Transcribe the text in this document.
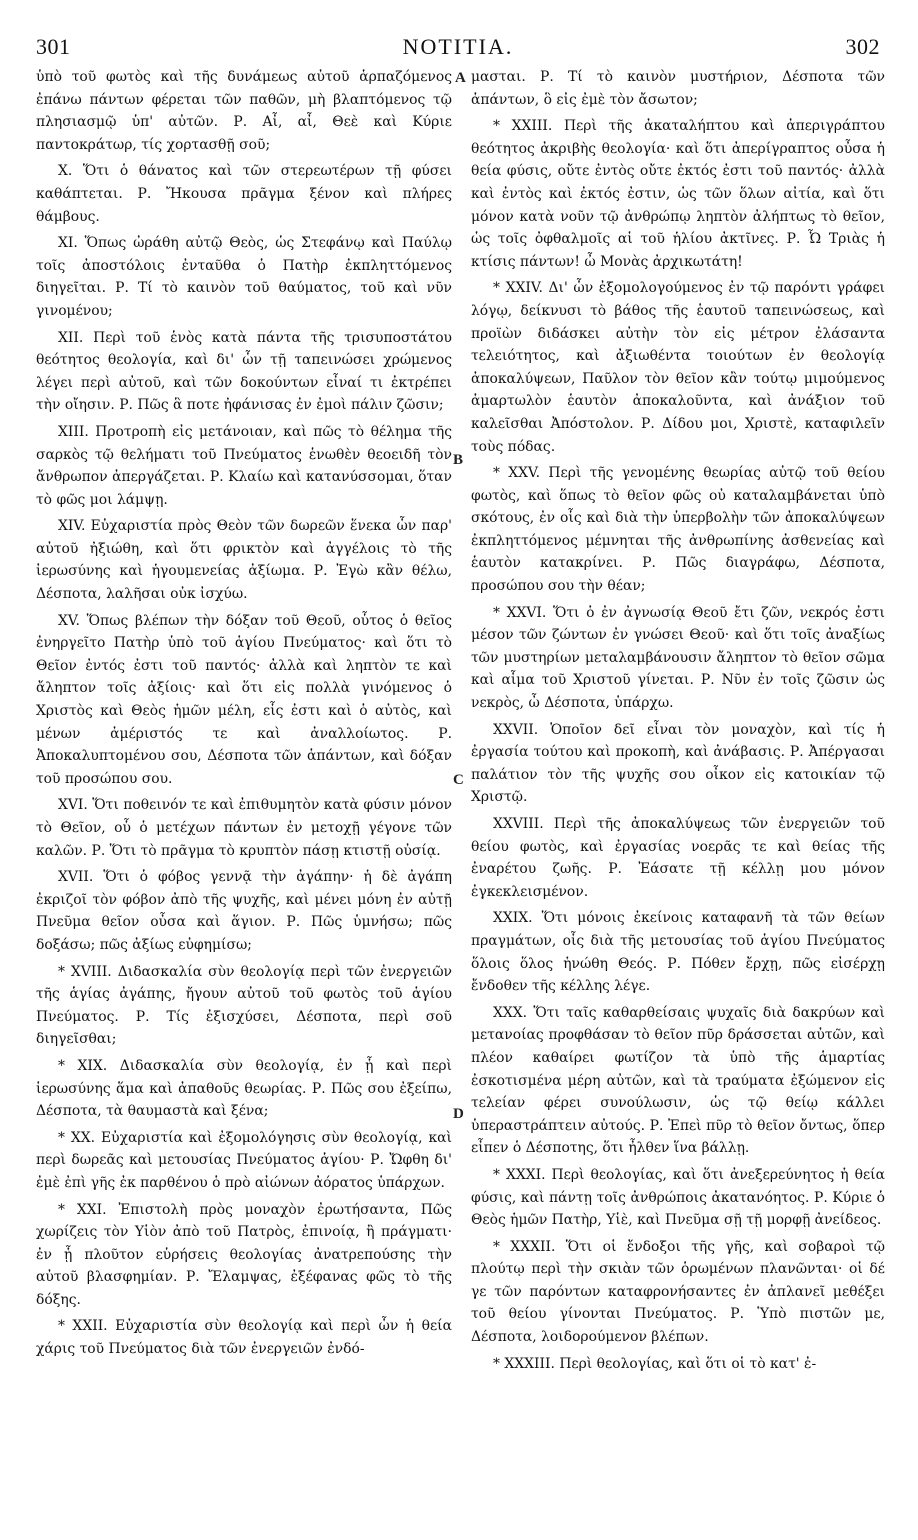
301	NOTITIA.	302

ὑπὸ τοῦ φωτὸς καὶ τῆς δυνάμεως αὐτοῦ ἁρπαζόμενος ἐπάνω πάντων φέρεται τῶν παθῶν, μὴ βλαπτόμενος τῷ πλησιασμῷ ὑπ' αὐτῶν. Ρ. Αἶ, αἶ, Θεὲ καὶ Κύριε παντοκράτωρ, τίς χορτασθῇ σοῦ;

X. Ὅτι ὁ θάνατος καὶ τῶν στερεωτέρων τῇ φύσει καθάπτεται. Ρ. Ἤκουσα πρᾶγμα ξένον καὶ πλήρες θάμβους.

XI. Ὅπως ὠράθη αὐτῷ Θεὸς, ὡς Στεφάνῳ καὶ Παύλῳ τοῖς ἀποστόλοις ἐνταῦθα ὁ Πατὴρ ἐκπληττόμενος διηγεῖται. Ρ. Τί τὸ καινὸν τοῦ θαύματος, τοῦ καὶ νῦν γινομένου;

XII. Περὶ τοῦ ἑνὸς κατὰ πάντα τῆς τρισυποστάτου θεότητος θεολογία, καὶ δι' ὧν τῇ ταπεινώσει χρώμενος λέγει περὶ αὐτοῦ, καὶ τῶν δοκούντων εἶναί τι ἐκτρέπει τὴν οἴησιν. Ρ. Πῶς ἃ ποτε ἠφάνισας ἐν ἐμοὶ πάλιν ζῶσιν;

XIII. Προτροπὴ εἰς μετάνοιαν, καὶ πῶς τὸ θέλημα τῆς σαρκὸς τῷ θελήματι τοῦ Πνεύματος ἑνωθὲν θεοειδῆ τὸν ἄνθρωπον ἀπεργάζεται. Ρ. Κλαίω καὶ κατανύσσομαι, ὅταν τὸ φῶς μοι λάμψῃ.

XIV. Εὐχαριστία πρὸς Θεὸν τῶν δωρεῶν ἕνεκα ὧν παρ' αὐτοῦ ἠξιώθη, καὶ ὅτι φρικτὸν καὶ ἀγγέλοις τὸ τῆς ἱερωσύνης καὶ ἡγουμενείας ἀξίωμα. Ρ. Ἐγὼ κἂν θέλω, Δέσποτα, λαλῆσαι οὐκ ἰσχύω.

XV. Ὅπως βλέπων τὴν δόξαν τοῦ Θεοῦ, οὗτος ὁ θεῖος ἐνηργεῖτο Πατὴρ ὑπὸ τοῦ ἁγίου Πνεύματος· καὶ ὅτι τὸ Θεῖον ἐντός ἐστι τοῦ παντός· ἀλλὰ καὶ ληπτὸν τε καὶ ἄληπτον τοῖς ἀξίοις· καὶ ὅτι εἰς πολλὰ γινόμενος ὁ Χριστὸς καὶ Θεὸς ἡμῶν μέλη, εἷς ἐστι καὶ ὁ αὐτὸς, καὶ μένων ἀμέριστός τε καὶ ἀναλλοίωτος. Ρ. Ἀποκαλυπτομένου σου, Δέσποτα τῶν ἁπάντων, καὶ δόξαν τοῦ προσώπου σου.

XVI. Ὅτι ποθεινόν τε καὶ ἐπιθυμητὸν κατὰ φύσιν μόνον τὸ Θεῖον, οὗ ὁ μετέχων πάντων ἐν μετοχῇ γέγονε τῶν καλῶν. Ρ. Ὅτι τὸ πρᾶγμα τὸ κρυπτὸν πάσῃ κτιστῇ οὐσίᾳ.

XVII. Ὅτι ὁ φόβος γεννᾷ τὴν ἀγάπην· ἡ δὲ ἀγάπη ἐκριζοῖ τὸν φόβον ἀπὸ τῆς ψυχῆς, καὶ μένει μόνη ἐν αὐτῇ Πνεῦμα θεῖον οὖσα καὶ ἅγιον. Ρ. Πῶς ὑμνήσω; πῶς δοξάσω; πῶς ἀξίως εὐφημίσω;

* XVIII. Διδασκαλία σὺν θεολογίᾳ περὶ τῶν ἐνεργειῶν τῆς ἁγίας ἀγάπης, ἤγουν αὐτοῦ τοῦ φωτὸς τοῦ ἁγίου Πνεύματος. Ρ. Τίς ἐξισχύσει, Δέσποτα, περὶ σοῦ διηγεῖσθαι;

* XIX. Διδασκαλία σὺν θεολογίᾳ, ἐν ᾗ καὶ περὶ ἱερωσύνης ἅμα καὶ ἀπαθοῦς θεωρίας. Ρ. Πῶς σου ἐξείπω, Δέσποτα, τὰ θαυμαστὰ καὶ ξένα;

* XX. Εὐχαριστία καὶ ἐξομολόγησις σὺν θεολογίᾳ, καὶ περὶ δωρεᾶς καὶ μετουσίας Πνεύματος ἁγίου· Ρ. Ὤφθη δι' ἐμὲ ἐπὶ γῆς ἐκ παρθένου ὁ πρὸ αἰώνων ἀόρατος ὑπάρχων.

* XXI. Ἐπιστολὴ πρὸς μοναχὸν ἐρωτήσαντα, Πῶς χωρίζεις τὸν Υἱὸν ἀπὸ τοῦ Πατρὸς, ἐπινοίᾳ, ἢ πράγματι· ἐν ᾗ πλοῦτον εὑρήσεις θεολογίας ἀνατρεπούσης τὴν αὐτοῦ βλασφημίαν. Ρ. Ἔλαμψας, ἐξέφανας φῶς τὸ τῆς δόξης.

* XXII. Εὐχαριστία σὺν θεολογίᾳ καὶ περὶ ὧν ἡ θεία χάρις τοῦ Πνεύματος διὰ τῶν ἐνεργειῶν ἐνδό-

μασται. Ρ. Τί τὸ καινὸν μυστήριον, Δέσποτα τῶν ἁπάντων, ὃ εἰς ἐμὲ τὸν ἄσωτον;

* XXIII. Περὶ τῆς ἀκαταλήπτου καὶ ἀπεριγράπτου θεότητος ἀκριβὴς θεολογία· καὶ ὅτι ἀπερίγραπτος οὖσα ἡ θεία φύσις, οὔτε ἐντὸς οὔτε ἐκτός ἐστι τοῦ παντός· ἀλλὰ καὶ ἐντὸς καὶ ἐκτός ἐστιν, ὡς τῶν ὅλων αἰτία, καὶ ὅτι μόνον κατὰ νοῦν τῷ ἀνθρώπῳ ληπτὸν ἀλήπτως τὸ θεῖον, ὡς τοῖς ὀφθαλμοῖς αἱ τοῦ ἡλίου ἀκτῖνες. Ρ. Ὦ Τριὰς ἡ κτίσις πάντων! ὦ Μονὰς ἀρχικωτάτη!

* XXIV. Δι' ὧν ἐξομολογούμενος ἐν τῷ παρόντι γράφει λόγῳ, δείκνυσι τὸ βάθος τῆς ἑαυτοῦ ταπεινώσεως, καὶ προϊὼν διδάσκει αὐτὴν τὸν εἰς μέτρον ἐλάσαντα τελειότητος, καὶ ἀξιωθέντα τοιούτων ἐν θεολογίᾳ ἀποκαλύψεων, Παῦλον τὸν θεῖον κἂν τούτῳ μιμούμενος ἁμαρτωλὸν ἑαυτὸν ἀποκαλοῦντα, καὶ ἀνάξιον τοῦ καλεῖσθαι Ἀπόστολον. Ρ. Δίδου μοι, Χριστὲ, καταφιλεῖν τοὺς πόδας.

* XXV. Περὶ τῆς γενομένης θεωρίας αὐτῷ τοῦ θείου φωτὸς, καὶ ὅπως τὸ θεῖον φῶς οὐ καταλαμβάνεται ὑπὸ σκότους, ἐν οἷς καὶ διὰ τὴν ὑπερβολὴν τῶν ἀποκαλύψεων ἐκπληττόμενος μέμνηται τῆς ἀνθρωπίνης ἀσθενείας καὶ ἑαυτὸν κατακρίνει. Ρ. Πῶς διαγράφω, Δέσποτα, προσώπου σου τὴν θέαν;

* XXVI. Ὅτι ὁ ἐν ἀγνωσίᾳ Θεοῦ ἔτι ζῶν, νεκρός ἐστι μέσον τῶν ζώντων ἐν γνώσει Θεοῦ· καὶ ὅτι τοῖς ἀναξίως τῶν μυστηρίων μεταλαμβάνουσιν ἄληπτον τὸ θεῖον σῶμα καὶ αἷμα τοῦ Χριστοῦ γίνεται. Ρ. Νῦν ἐν τοῖς ζῶσιν ὡς νεκρὸς, ὦ Δέσποτα, ὑπάρχω.

XXVII. Ὁποῖον δεῖ εἶναι τὸν μοναχὸν, καὶ τίς ἡ ἐργασία τούτου καὶ προκοπὴ, καὶ ἀνάβασις. Ρ. Ἀπέργασαι παλάτιον τὸν τῆς ψυχῆς σου οἶκον εἰς κατοικίαν τῷ Χριστῷ.

XXVIII. Περὶ τῆς ἀποκαλύψεως τῶν ἐνεργειῶν τοῦ θείου φωτὸς, καὶ ἐργασίας νοερᾶς τε καὶ θείας τῆς ἐναρέτου ζωῆς. Ρ. Ἐάσατε τῇ κέλλῃ μου μόνον ἐγκεκλεισμένον.

XXIX. Ὅτι μόνοις ἐκείνοις καταφανῆ τὰ τῶν θείων πραγμάτων, οἷς διὰ τῆς μετουσίας τοῦ ἁγίου Πνεύματος ὅλοις ὅλος ἡνώθη Θεός. Ρ. Πόθεν ἔρχῃ, πῶς εἰσέρχῃ ἔνδοθεν τῆς κέλλης λέγε.

XXX. Ὅτι ταῖς καθαρθείσαις ψυχαῖς διὰ δακρύων καὶ μετανοίας προφθάσαν τὸ θεῖον πῦρ δράσσεται αὐτῶν, καὶ πλέον καθαίρει φωτίζον τὰ ὑπὸ τῆς ἁμαρτίας ἐσκοτισμένα μέρη αὐτῶν, καὶ τὰ τραύματα ἐξώμενον εἰς τελείαν φέρει συνούλωσιν, ὡς τῷ θείῳ κάλλει ὑπεραστράπτειν αὐτούς. Ρ. Ἐπεὶ πῦρ τὸ θεῖον ὄντως, ὅπερ εἶπεν ὁ Δέσποτης, ὅτι ἦλθεν ἵνα βάλλῃ.

* XXXI. Περὶ θεολογίας, καὶ ὅτι ἀνεξερεύνητος ἡ θεία φύσις, καὶ πάντῃ τοῖς ἀνθρώποις ἀκατανόητος. Ρ. Κύριε ὁ Θεὸς ἡμῶν Πατὴρ, Υἱὲ, καὶ Πνεῦμα σῇ τῇ μορφῇ ἀνείδεος.

* XXXII. Ὅτι οἱ ἔνδοξοι τῆς γῆς, καὶ σοβαροὶ τῷ πλούτῳ περὶ τὴν σκιὰν τῶν ὁρωμένων πλανῶνται· οἱ δέ γε τῶν παρόντων καταφρονήσαντες ἐν ἀπλανεῖ μεθέξει τοῦ θείου γίνονται Πνεύματος. Ρ. Ὑπὸ πιστῶν με, Δέσποτα, λοιδορούμενον βλέπων.

* XXXIII. Περὶ θεολογίας, καὶ ὅτι οἱ τὸ κατ' ἐ-

A
B
C
D
